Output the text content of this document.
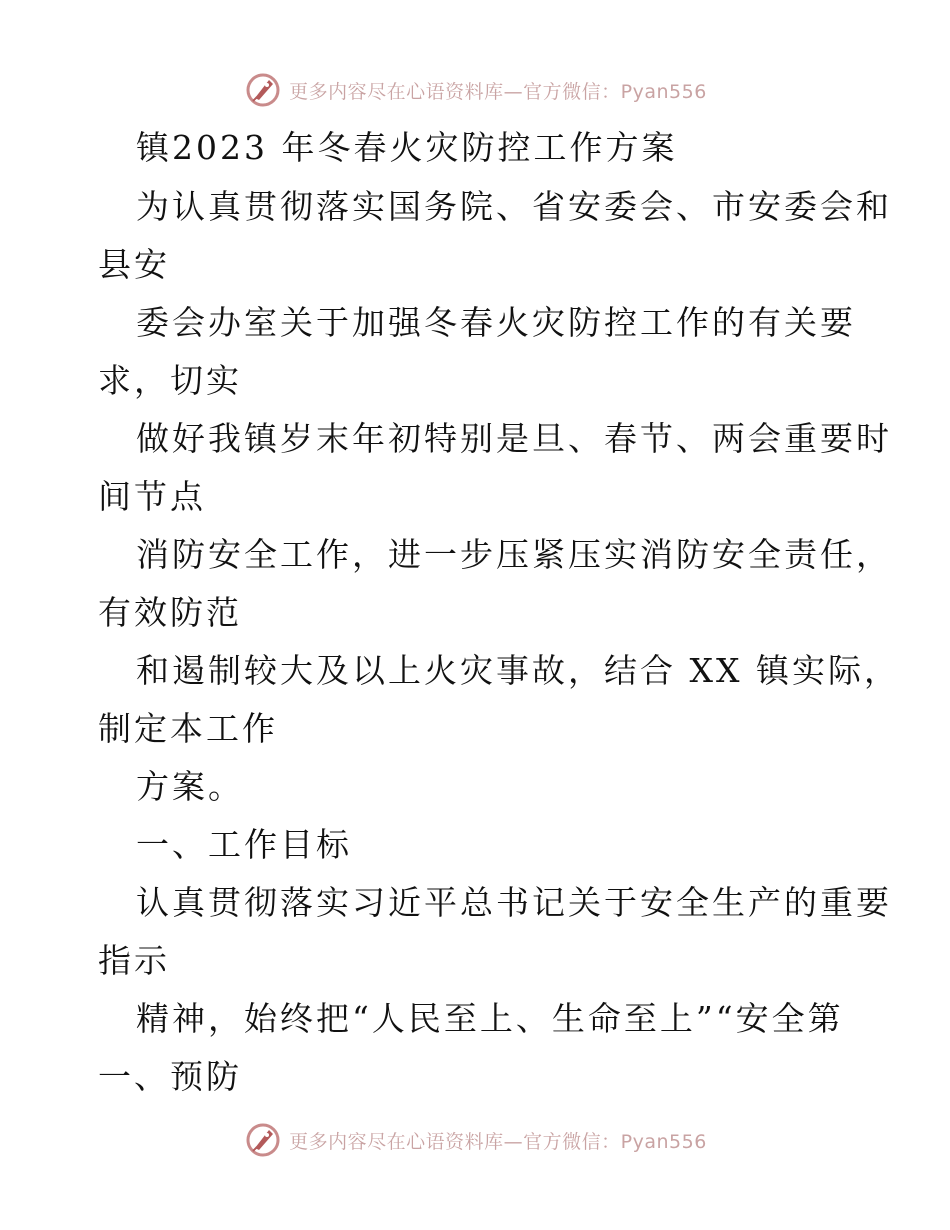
更多内容尽在心语资料库—官方微信：Pyan556
镇2023 年冬春火灾防控工作方案
为认真贯彻落实国务院、省安委会、市安委会和
县安
委会办室关于加强冬春火灾防控工作的有关要
求，切实
做好我镇岁末年初特别是旦、春节、两会重要时
间节点
消防安全工作，进一步压紧压实消防安全责任，
有效防范
和遏制较大及以上火灾事故，结合 XX 镇实际，
制定本工作
方案。
一、工作目标
认真贯彻落实习近平总书记关于安全生产的重要
指示
精神，始终把“人民至上、生命至上”“安全第
一、预防
更多内容尽在心语资料库—官方微信：Pyan556
